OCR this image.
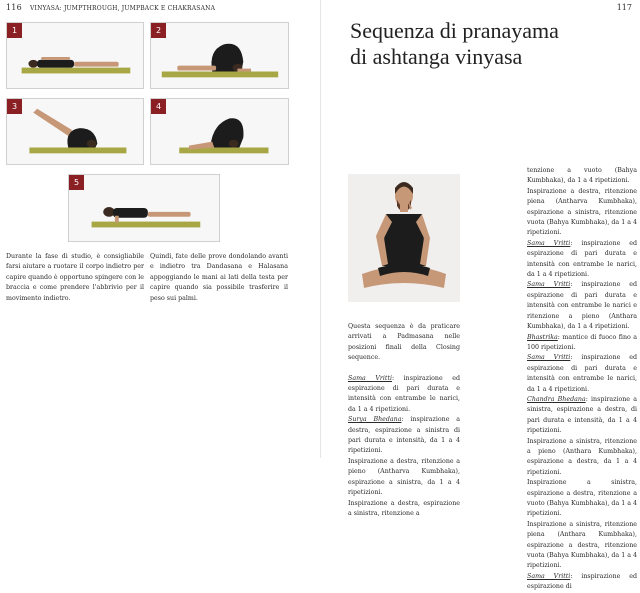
116 VINYASA: JUMPTHROUGH, JUMPBACK E CHAKRASANA	117
1	2
3	4
5

Durante la fase di studio, è consigliabile farsi aiutare a ruotare il corpo indietro per capire quando è opportuno spingere con le braccia e come prendere l'abbrivio per il movimento indietro.

Quindi, fate delle prove dondolando avanti e indietro tra Dandasana e Halasana appoggiando le mani ai lati della testa per capire quando sia possibile trasferire il peso sui palmi.

Sequenza di pranayama
di ashtanga vinyasa

Questa sequenza è da praticare arrivati a Padmasana nelle posizioni finali della Closing sequence.

Sama Vritti: inspirazione ed espirazione di pari durata e intensità con entrambe le narici, da 1 a 4 ripetizioni.

Surya Bhedana: inspirazione a destra, espirazione a sinistra di pari durata e intensità, da 1 a 4 ripetizioni.

Inspirazione a destra, ritenzione a pieno (Antharva Kumbhaka), espirazione a sinistra, da 1 a 4 ripetizioni.

Inspirazione a destra, espirazione a sinistra, ritenzione a

tenzione a vuoto (Bahya Kumbhaka), da 1 a 4 ripetizioni.

Inspirazione a destra, ritenzione piena (Antharva Kumbhaka), espirazione a sinistra, ritenzione vuota (Bahya Kumbhaka), da 1 a 4 ripetizioni.

Sama Vritti: inspirazione ed espirazione di pari durata e intensità con entrambe le narici, da 1 a 4 ripetizioni.

Sama Vritti: inspirazione ed espirazione di pari durata e intensità con entrambe le narici e ritenzione a pieno (Anthara Kumbhaka), da 1 a 4 ripetizioni.

Bhastrika: mantice di fuoco fino a 100 ripetizioni.

Sama Vritti: inspirazione ed espirazione di pari durata e intensità con entrambe le narici, da 1 a 4 ripetizioni.

Chandra Bhedana: inspirazione a sinistra, espirazione a destra, di pari durata e intensità, da 1 a 4 ripetizioni.

Inspirazione a sinistra, ritenzione a pieno (Anthara Kumbhaka), espirazione a destra, da 1 a 4 ripetizioni.

Inspirazione a sinistra, espirazione a destra, ritenzione a vuoto (Bahya Kumbhaka), da 1 a 4 ripetizioni.

Inspirazione a sinistra, ritenzione piena (Anthara Kumbhaka), espirazione a destra, ritenzione vuota (Bahya Kumbhaka), da 1 a 4 ripetizioni.

Sama Vritti: inspirazione ed espirazione di
